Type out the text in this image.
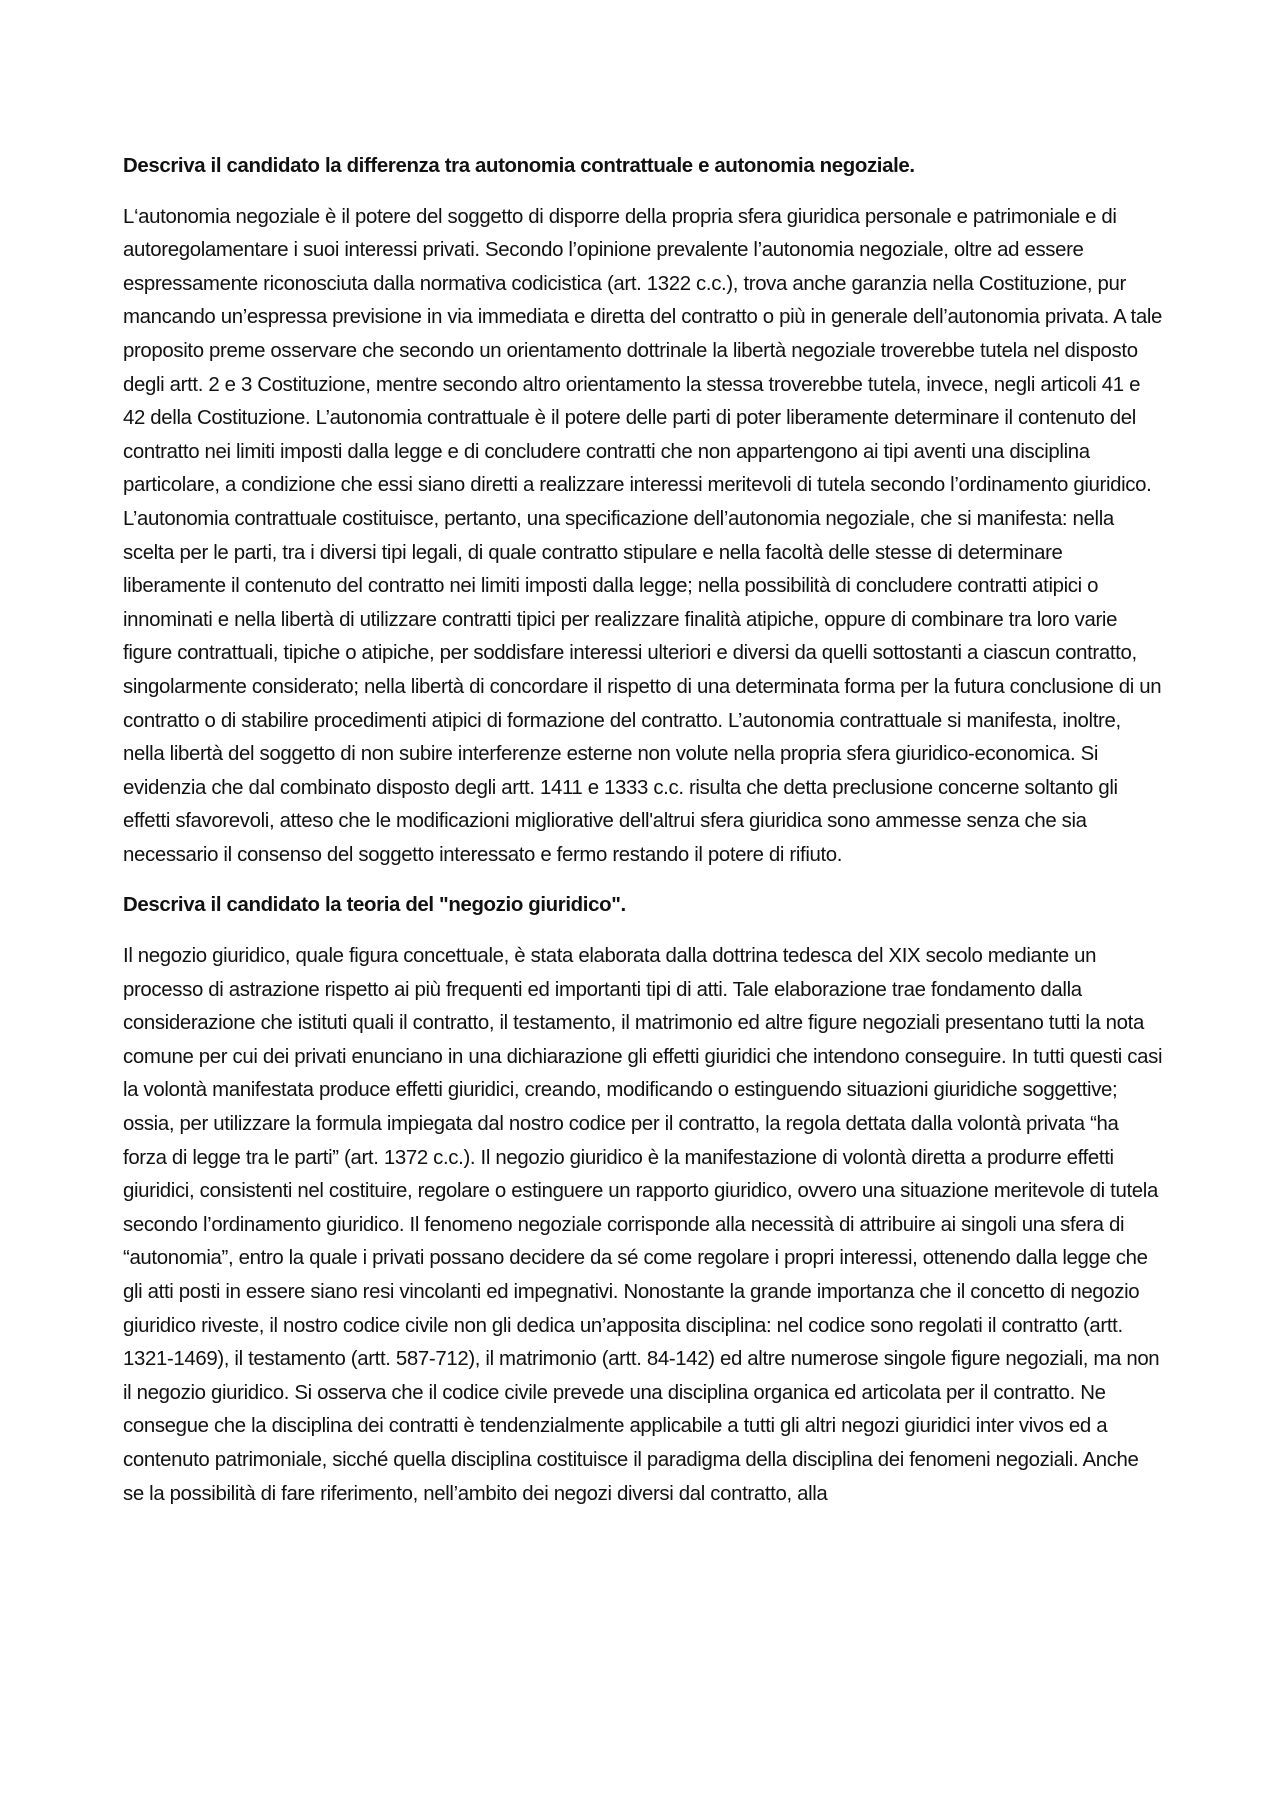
Descriva il candidato la differenza tra autonomia contrattuale e autonomia negoziale.

L‘autonomia negoziale è il potere del soggetto di disporre della propria sfera giuridica personale e patrimoniale e di autoregolamentare i suoi interessi privati. Secondo l’opinione prevalente l’autonomia negoziale, oltre ad essere espressamente riconosciuta dalla normativa codicistica (art. 1322 c.c.), trova anche garanzia nella Costituzione, pur mancando un’espressa previsione in via immediata e diretta del contratto o più in generale dell’autonomia privata. A tale proposito preme osservare che secondo un orientamento dottrinale la libertà negoziale troverebbe tutela nel disposto degli artt. 2 e 3 Costituzione, mentre secondo altro orientamento la stessa troverebbe tutela, invece, negli articoli 41 e 42 della Costituzione. L’autonomia contrattuale è il potere delle parti di poter liberamente determinare il contenuto del contratto nei limiti imposti dalla legge e di concludere contratti che non appartengono ai tipi aventi una disciplina particolare, a condizione che essi siano diretti a realizzare interessi meritevoli di tutela secondo l’ordinamento giuridico. L’autonomia contrattuale costituisce, pertanto, una specificazione dell’autonomia negoziale, che si manifesta: nella scelta per le parti, tra i diversi tipi legali, di quale contratto stipulare e nella facoltà delle stesse di determinare liberamente il contenuto del contratto nei limiti imposti dalla legge; nella possibilità di concludere contratti atipici o innominati e nella libertà di utilizzare contratti tipici per realizzare finalità atipiche, oppure di combinare tra loro varie figure contrattuali, tipiche o atipiche, per soddisfare interessi ulteriori e diversi da quelli sottostanti a ciascun contratto, singolarmente considerato; nella libertà di concordare il rispetto di una determinata forma per la futura conclusione di un contratto o di stabilire procedimenti atipici di formazione del contratto. L’autonomia contrattuale si manifesta, inoltre, nella libertà del soggetto di non subire interferenze esterne non volute nella propria sfera giuridico-economica. Si evidenzia che dal combinato disposto degli artt. 1411 e 1333 c.c. risulta che detta preclusione concerne soltanto gli effetti sfavorevoli, atteso che le modificazioni migliorative dell'altrui sfera giuridica sono ammesse senza che sia necessario il consenso del soggetto interessato e fermo restando il potere di rifiuto.

Descriva il candidato la teoria del "negozio giuridico".

Il negozio giuridico, quale figura concettuale, è stata elaborata dalla dottrina tedesca del XIX secolo mediante un processo di astrazione rispetto ai più frequenti ed importanti tipi di atti. Tale elaborazione trae fondamento dalla considerazione che istituti quali il contratto, il testamento, il matrimonio ed altre figure negoziali presentano tutti la nota comune per cui dei privati enunciano in una dichiarazione gli effetti giuridici che intendono conseguire. In tutti questi casi la volontà manifestata produce effetti giuridici, creando, modificando o estinguendo situazioni giuridiche soggettive; ossia, per utilizzare la formula impiegata dal nostro codice per il contratto, la regola dettata dalla volontà privata “ha forza di legge tra le parti” (art. 1372 c.c.). Il negozio giuridico è la manifestazione di volontà diretta a produrre effetti giuridici, consistenti nel costituire, regolare o estinguere un rapporto giuridico, ovvero una situazione meritevole di tutela secondo l’ordinamento giuridico. Il fenomeno negoziale corrisponde alla necessità di attribuire ai singoli una sfera di “autonomia”, entro la quale i privati possano decidere da sé come regolare i propri interessi, ottenendo dalla legge che gli atti posti in essere siano resi vincolanti ed impegnativi. Nonostante la grande importanza che il concetto di negozio giuridico riveste, il nostro codice civile non gli dedica un’apposita disciplina: nel codice sono regolati il contratto (artt. 1321-1469), il testamento (artt. 587-712), il matrimonio (artt. 84-142) ed altre numerose singole figure negoziali, ma non il negozio giuridico. Si osserva che il codice civile prevede una disciplina organica ed articolata per il contratto. Ne consegue che la disciplina dei contratti è tendenzialmente applicabile a tutti gli altri negozi giuridici inter vivos ed a contenuto patrimoniale, sicché quella disciplina costituisce il paradigma della disciplina dei fenomeni negoziali. Anche se la possibilità di fare riferimento, nell’ambito dei negozi diversi dal contratto, alla
